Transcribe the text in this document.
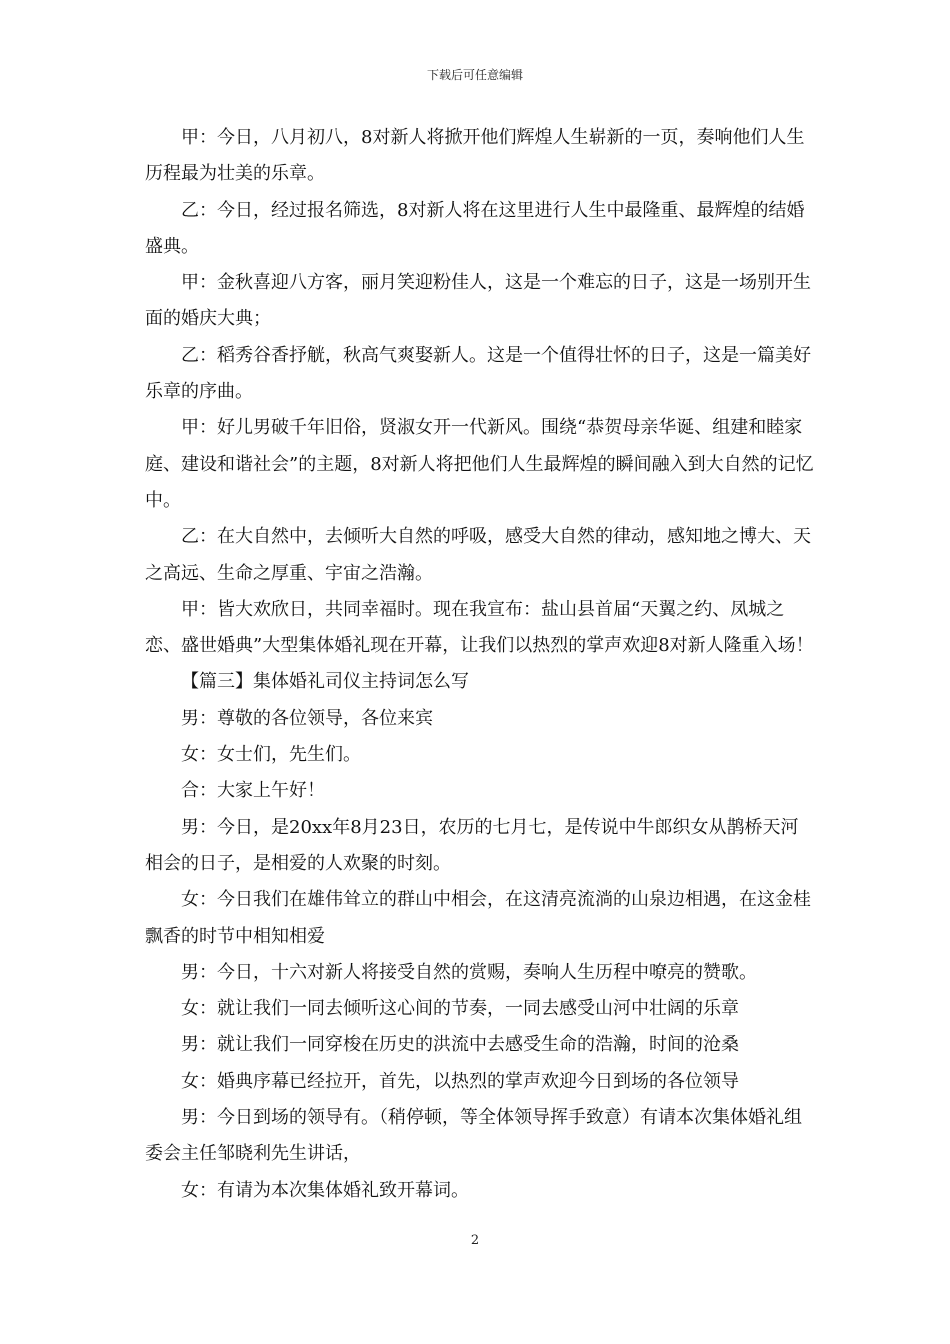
下载后可任意编辑

甲：今日，八月初八，8对新人将掀开他们辉煌人生崭新的一页，奏响他们人生历程最为壮美的乐章。

乙：今日，经过报名筛选，8对新人将在这里进行人生中最隆重、最辉煌的结婚盛典。

甲：金秋喜迎八方客，丽月笑迎粉佳人，这是一个难忘的日子，这是一场别开生面的婚庆大典；

乙：稻秀谷香抒觥，秋高气爽娶新人。这是一个值得壮怀的日子，这是一篇美好乐章的序曲。

甲：好儿男破千年旧俗，贤淑女开一代新风。围绕“恭贺母亲华诞、组建和睦家庭、建设和谐社会”的主题，8对新人将把他们人生最辉煌的瞬间融入到大自然的记忆中。

乙：在大自然中，去倾听大自然的呼吸，感受大自然的律动，感知地之博大、天之高远、生命之厚重、宇宙之浩瀚。

甲：皆大欢欣日，共同幸福时。现在我宣布：盐山县首届“天翼之约、凤城之恋、盛世婚典”大型集体婚礼现在开幕，让我们以热烈的掌声欢迎8对新人隆重入场！

【篇三】集体婚礼司仪主持词怎么写

男：尊敬的各位领导，各位来宾

女：女士们，先生们。

合：大家上午好！

男：今日，是20xx年8月23日，农历的七月七，是传说中牛郎织女从鹊桥天河相会的日子，是相爱的人欢聚的时刻。

女：今日我们在雄伟耸立的群山中相会，在这清亮流淌的山泉边相遇，在这金桂飘香的时节中相知相爱

男：今日，十六对新人将接受自然的赏赐，奏响人生历程中嘹亮的赞歌。

女：就让我们一同去倾听这心间的节奏，一同去感受山河中壮阔的乐章

男：就让我们一同穿梭在历史的洪流中去感受生命的浩瀚，时间的沧桑

女：婚典序幕已经拉开，首先，以热烈的掌声欢迎今日到场的各位领导

男：今日到场的领导有。（稍停顿，等全体领导挥手致意）有请本次集体婚礼组委会主任邹晓利先生讲话，

女：有请为本次集体婚礼致开幕词。

2
